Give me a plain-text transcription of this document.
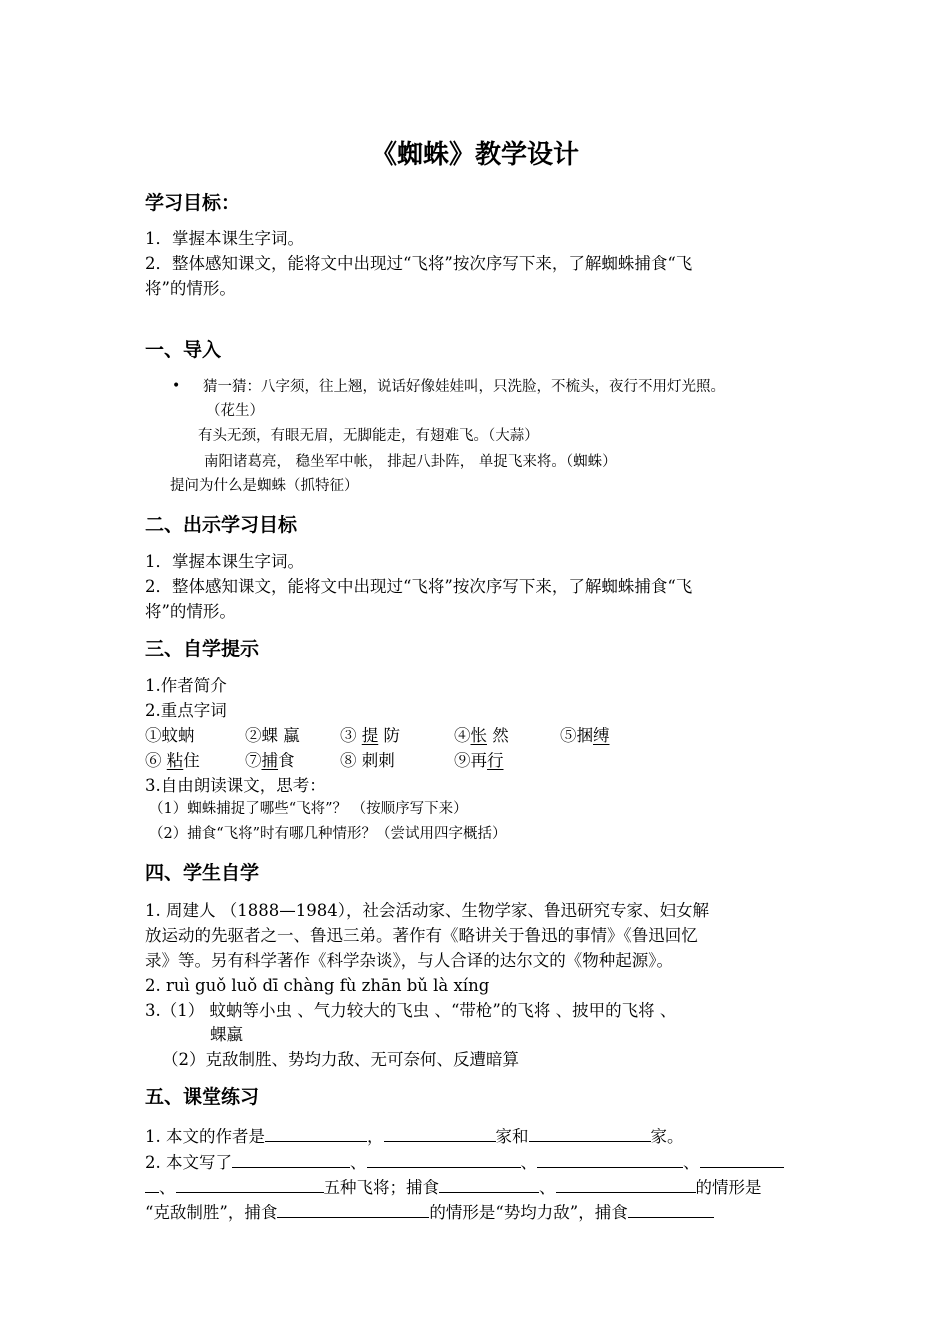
《蜘蛛》教学设计
学习目标：
1．掌握本课生字词。
2．整体感知课文，能将文中出现过“飞将”按次序写下来，了解蜘蛛捕食“飞
将”的情形。
一、导入
• 猜一猜：八字须，往上翘，说话好像娃娃叫，只洗脸，不梳头，夜行不用灯光照。
（花生）
有头无颈，有眼无眉，无脚能走，有翅难飞。（大蒜）
南阳诸葛亮， 稳坐军中帐， 排起八卦阵， 单捉飞来将。（蜘蛛）
提问为什么是蜘蛛（抓特征）
二、出示学习目标
1．掌握本课生字词。
2．整体感知课文，能将文中出现过“飞将”按次序写下来，了解蜘蛛捕食“飞
将”的情形。
三、自学提示
1.作者简介
2.重点字词
①蚊蚋	②蜾 蠃	③ 提 防	④怅 然	⑤捆缚
⑥ 粘住	⑦捕食	⑧ 刺刺	⑨再行
3.自由朗读课文，思考：
（1）蜘蛛捕捉了哪些“飞将”？ （按顺序写下来）
（2）捕食“飞将”时有哪几种情形？（尝试用四字概括）
四、学生自学
1. 周建人 （1888—1984），社会活动家、生物学家、鲁迅研究专家、妇女解
放运动的先驱者之一、鲁迅三弟。著作有《略讲关于鲁迅的事情》《鲁迅回忆
录》等。另有科学著作《科学杂谈》，与人合译的达尔文的《物种起源》。
2. ruì guǒ luǒ dī chàng fù zhān bǔ là xíng
3.（1） 蚊蚋等小虫 、气力较大的飞虫 、“带枪”的飞将 、披甲的飞将 、
蜾蠃
（2）克敌制胜、势均力敌、无可奈何、反遭暗算
五、课堂练习
1. 本文的作者是	，	家和	家。
2. 本文写了	、	、	、
、	五种飞将；捕食	、	的情形是
“克敌制胜”，捕食	的情形是“势均力敌”，捕食
